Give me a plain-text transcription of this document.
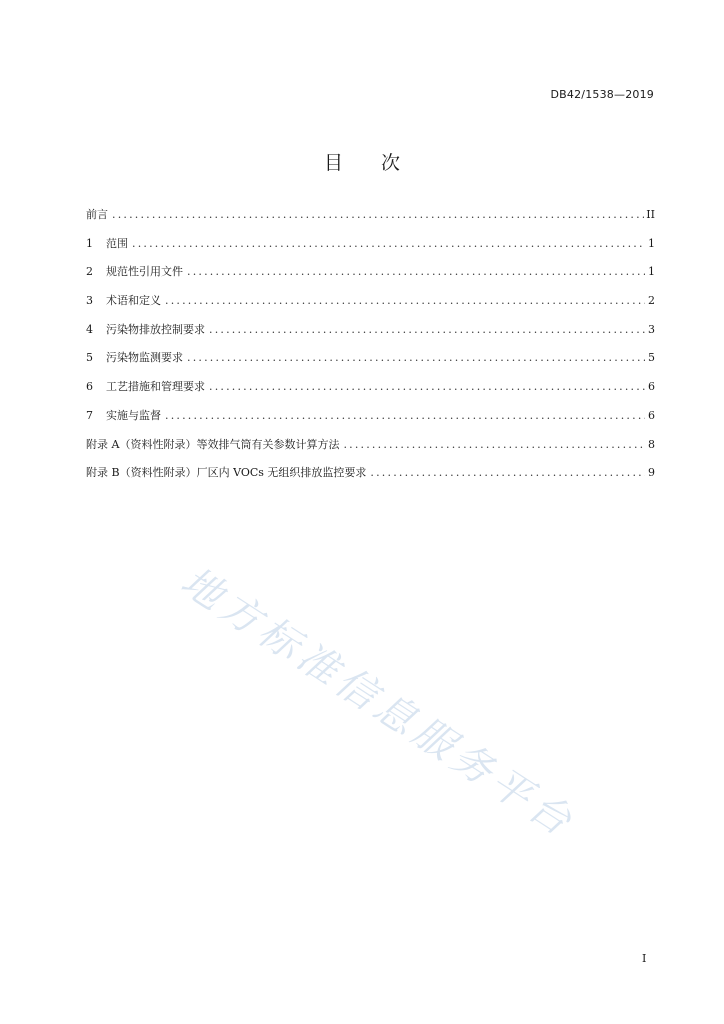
DB42/1538—2019
目 次
前言 .....	II
1	范围 .....	1
2	规范性引用文件 .....	1
3	术语和定义 .....	2
4	污染物排放控制要求 .....	3
5	污染物监测要求 .....	5
6	工艺措施和管理要求 .....	6
7	实施与监督 .....	6
附录 A（资料性附录）等效排气筒有关参数计算方法 .....	8
附录 B（资料性附录）厂区内 VOCs 无组织排放监控要求 .....	9
地方标准信息服务平台
I
